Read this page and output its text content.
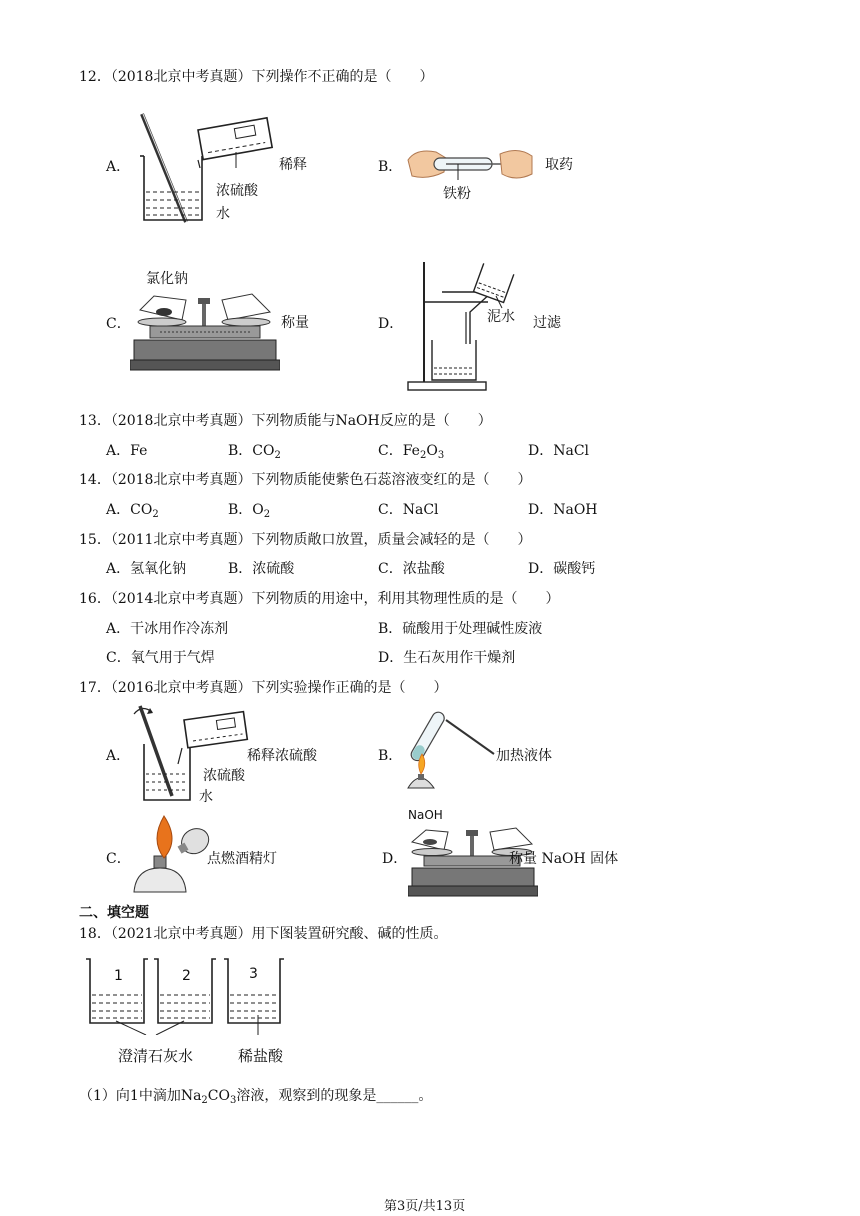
12．（2018北京中考真题）下列操作不正确的是（　　）
A．
浓硫酸
水
稀释	B．
铁粉
取药
氯化钠
C．	称量	D．	泥水 过滤
13．（2018北京中考真题）下列物质能与NaOH反应的是（　　）
A．Fe	B．$CO_2$	C．$Fe_2O_3$	D．NaCl
14．（2018北京中考真题）下列物质能使紫色石蕊溶液变红的是（　　）
A．$CO_2$	B．$O_2$	C．NaCl	D．NaOH
15．（2011北京中考真题）下列物质敞口放置，质量会减轻的是（　　）
A．氢氧化钠	B．浓硫酸	C．浓盐酸	D．碳酸钙
16．（2014北京中考真题）下列物质的用途中，利用其物理性质的是（　　）
A．干冰用作冷冻剂	B．硫酸用于处理碱性废液
C．氧气用于气焊	D．生石灰用作干燥剂
17．（2016北京中考真题）下列实验操作正确的是（　　）
A．	稀释浓硫酸
浓硫酸
水
B．	加热液体
C．	点燃酒精灯	D．
NaOH
称量 NaOH 固体
二、填空题
18．（2021北京中考真题）用下图装置研究酸、碱的性质。
1	2	3
澄清石灰水	稀盐酸
（1）向1中滴加$Na_2CO_3$溶液，观察到的现象是______。
第3页/共13页
